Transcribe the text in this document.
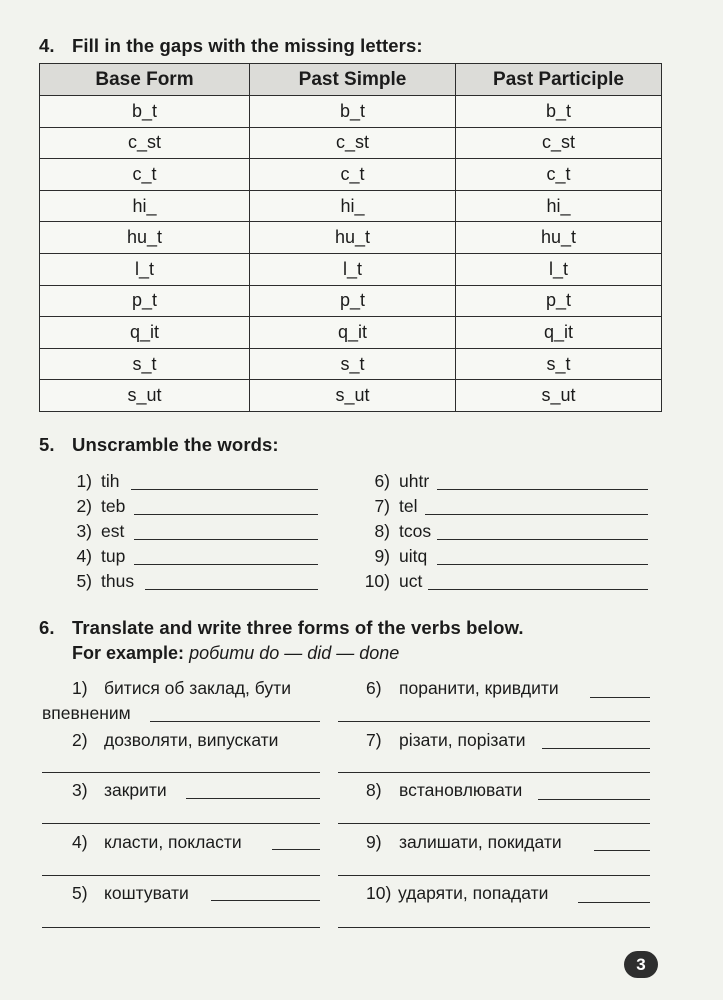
4. Fill in the gaps with the missing letters:
Base Form	Past Simple	Past Participle
b_t	b_t	b_t
c_st	c_st	c_st
c_t	c_t	c_t
hi_	hi_	hi_
hu_t	hu_t	hu_t
l_t	l_t	l_t
p_t	p_t	p_t
q_it	q_it	q_it
s_t	s_t	s_t
s_ut	s_ut	s_ut
5. Unscramble the words:
1) tih
2) teb
3) est
4) tup
5) thus
6) uhtr
7) tel
8) tcos
9) uitq
10) uct
6. Translate and write three forms of the verbs below.
For example: робити do — did — done
1) битися об заклад, бути
2) дозволяти, випускати
3) закрити
4) класти, покласти
5) коштувати
впевненим
6) поранити, кривдити
7) різати, порізати
8) встановлювати
9) залишати, покидати
10) ударяти, попадати
3
